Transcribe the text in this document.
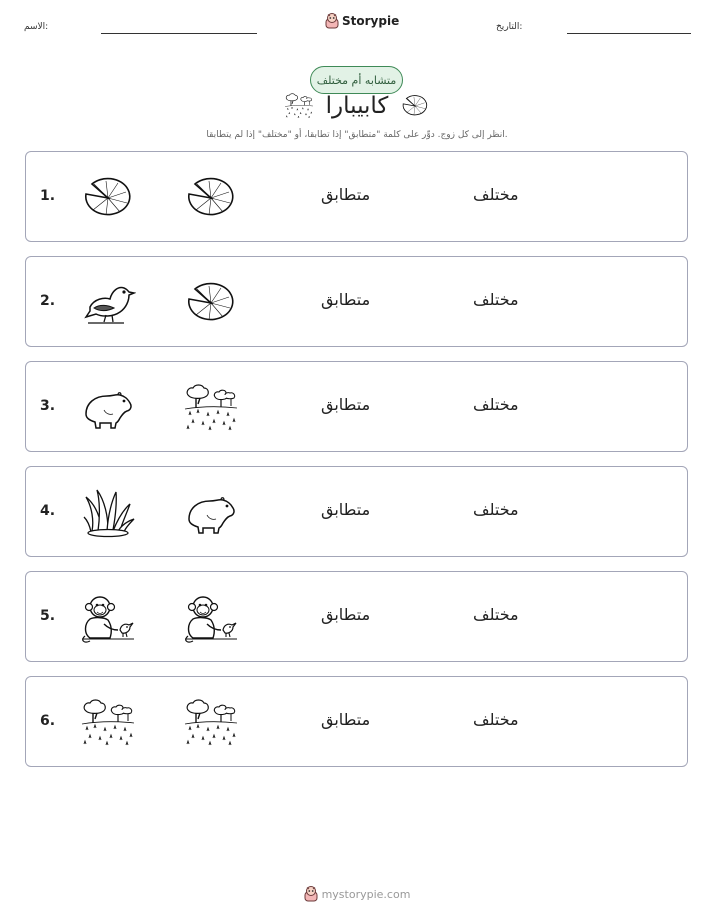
الاسم:	Storypie	التاريخ:
متشابه أم مختلف
كابيبارا
انظر إلى كل زوج. دوِّر على كلمة "متطابق" إذا تطابقا، أو "مختلف" إذا لم يتطابقا.
1.	متطابق	مختلف
2.	متطابق	مختلف
3.	متطابق	مختلف
4.	متطابق	مختلف
5.	متطابق	مختلف
6.	متطابق	مختلف
mystorypie.com
